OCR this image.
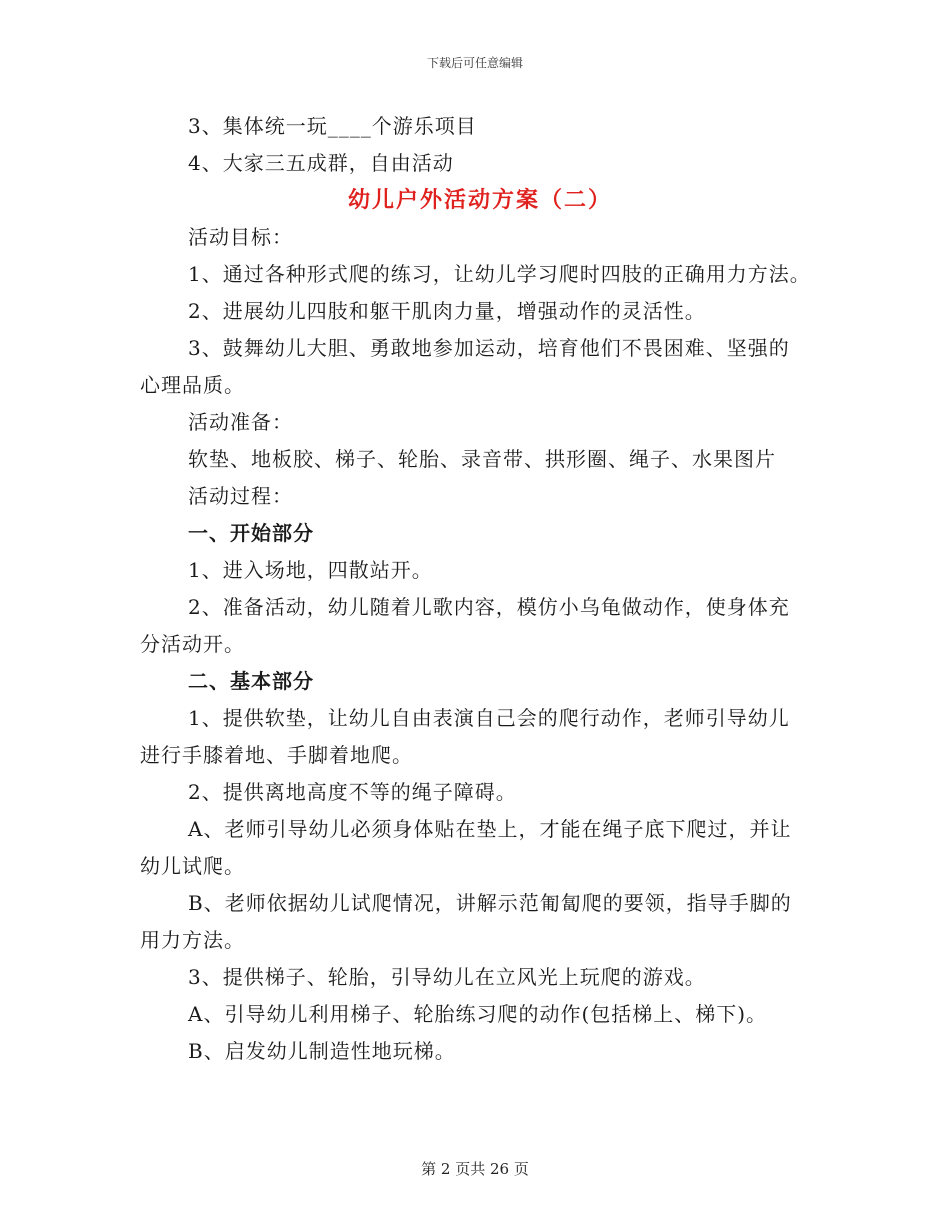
下载后可任意编辑
3、集体统一玩____个游乐项目
4、大家三五成群，自由活动
幼儿户外活动方案（二）
活动目标：
1、通过各种形式爬的练习，让幼儿学习爬时四肢的正确用力方法。
2、进展幼儿四肢和躯干肌肉力量，增强动作的灵活性。
3、鼓舞幼儿大胆、勇敢地参加运动，培育他们不畏困难、坚强的
心理品质。
活动准备：
软垫、地板胶、梯子、轮胎、录音带、拱形圈、绳子、水果图片
活动过程：
一、开始部分
1、进入场地，四散站开。
2、准备活动，幼儿随着儿歌内容，模仿小乌龟做动作，使身体充
分活动开。
二、基本部分
1、提供软垫，让幼儿自由表演自己会的爬行动作，老师引导幼儿
进行手膝着地、手脚着地爬。
2、提供离地高度不等的绳子障碍。
A、老师引导幼儿必须身体贴在垫上，才能在绳子底下爬过，并让
幼儿试爬。
B、老师依据幼儿试爬情况，讲解示范匍匐爬的要领，指导手脚的
用力方法。
3、提供梯子、轮胎，引导幼儿在立风光上玩爬的游戏。
A、引导幼儿利用梯子、轮胎练习爬的动作(包括梯上、梯下)。
B、启发幼儿制造性地玩梯。
第 2 页共 26 页
